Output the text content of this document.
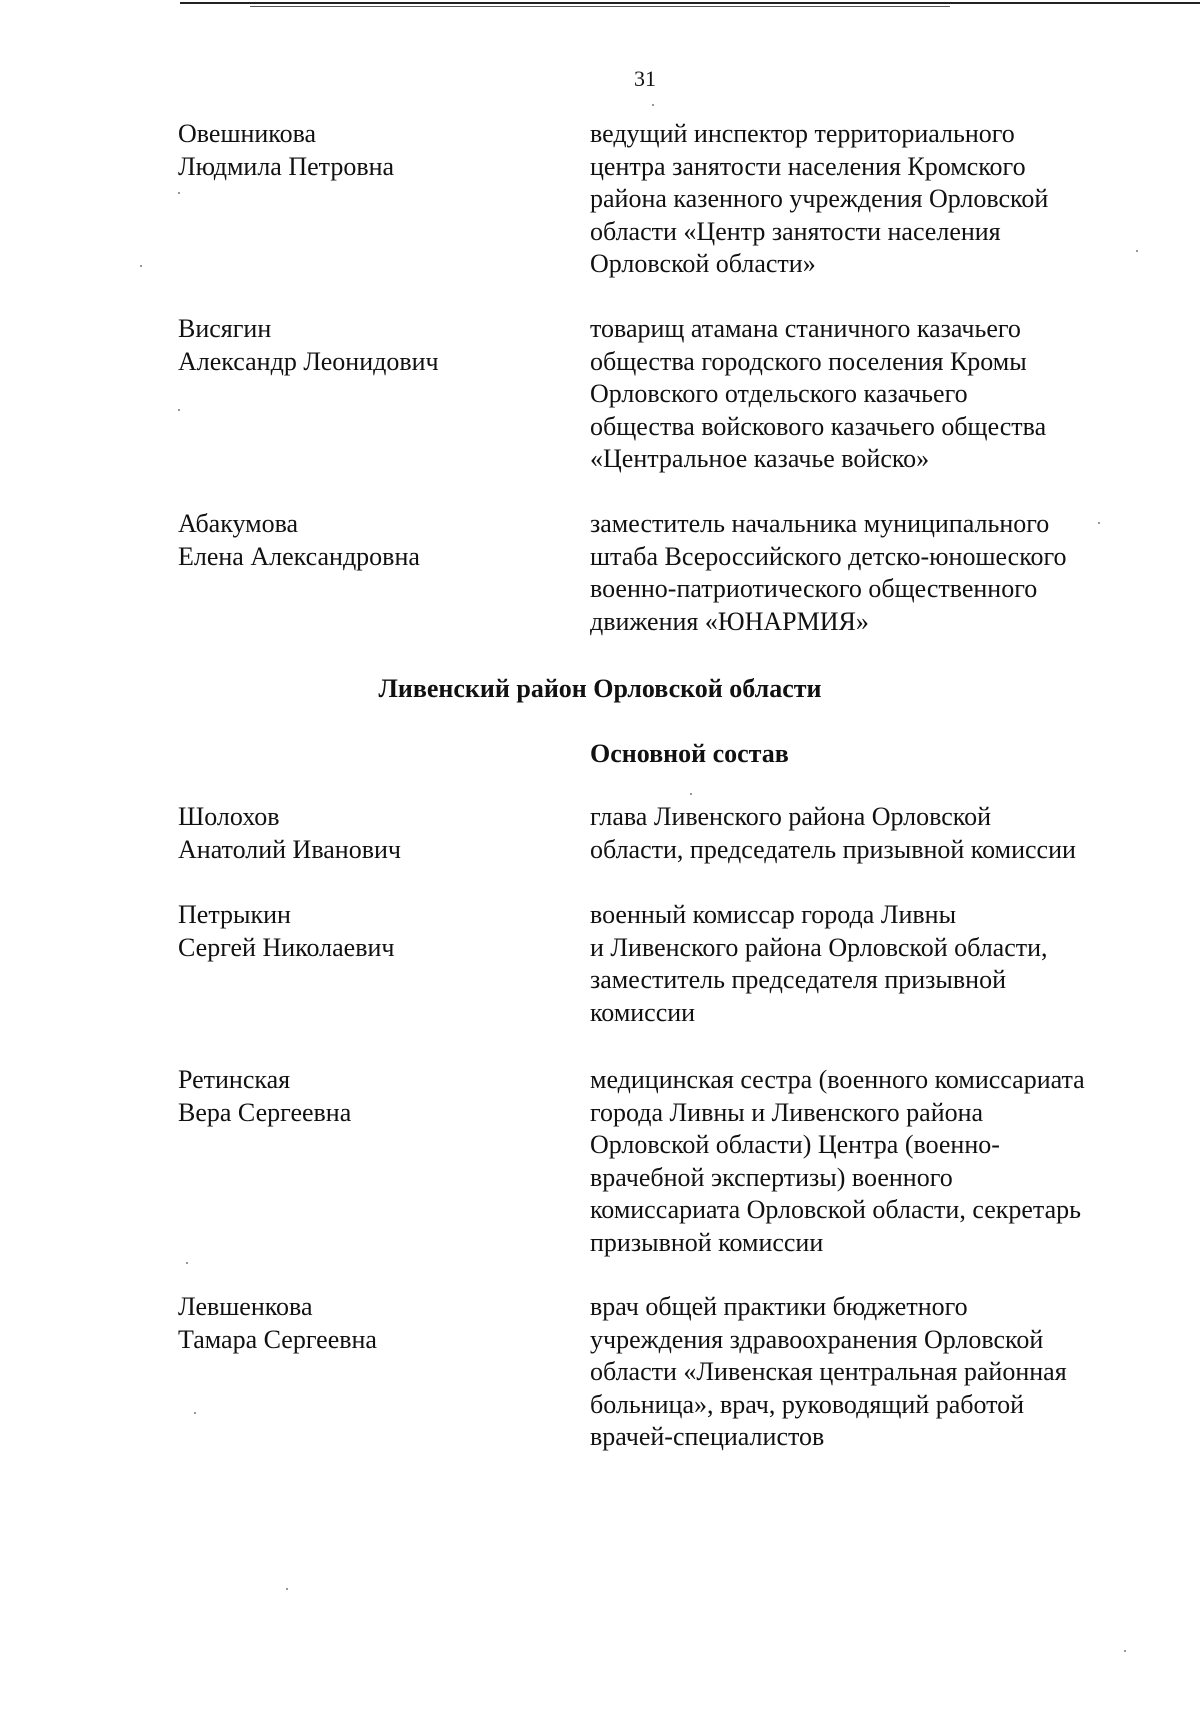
31
Овешникова
Людмила Петровна
ведущий инспектор территориального
центра занятости населения Кромского
района казенного учреждения Орловской
области «Центр занятости населения
Орловской области»
Висягин
Александр Леонидович
товарищ атамана станичного казачьего
общества городского поселения Кромы
Орловского отдельского казачьего
общества войскового казачьего общества
«Центральное казачье войско»
Абакумова
Елена Александровна
заместитель начальника муниципального
штаба Всероссийского детско-юношеского
военно-патриотического общественного
движения «ЮНАРМИЯ»
Ливенский район Орловской области
Основной состав
Шолохов
Анатолий Иванович
глава Ливенского района Орловской
области, председатель призывной комиссии
Петрыкин
Сергей Николаевич
военный комиссар города Ливны
и Ливенского района Орловской области,
заместитель председателя призывной
комиссии
Ретинская
Вера Сергеевна
медицинская сестра (военного комиссариата
города Ливны и Ливенского района
Орловской области) Центра (военно-
врачебной экспертизы) военного
комиссариата Орловской области, секретарь
призывной комиссии
Левшенкова
Тамара Сергеевна
врач общей практики бюджетного
учреждения здравоохранения Орловской
области «Ливенская центральная районная
больница», врач, руководящий работой
врачей-специалистов
